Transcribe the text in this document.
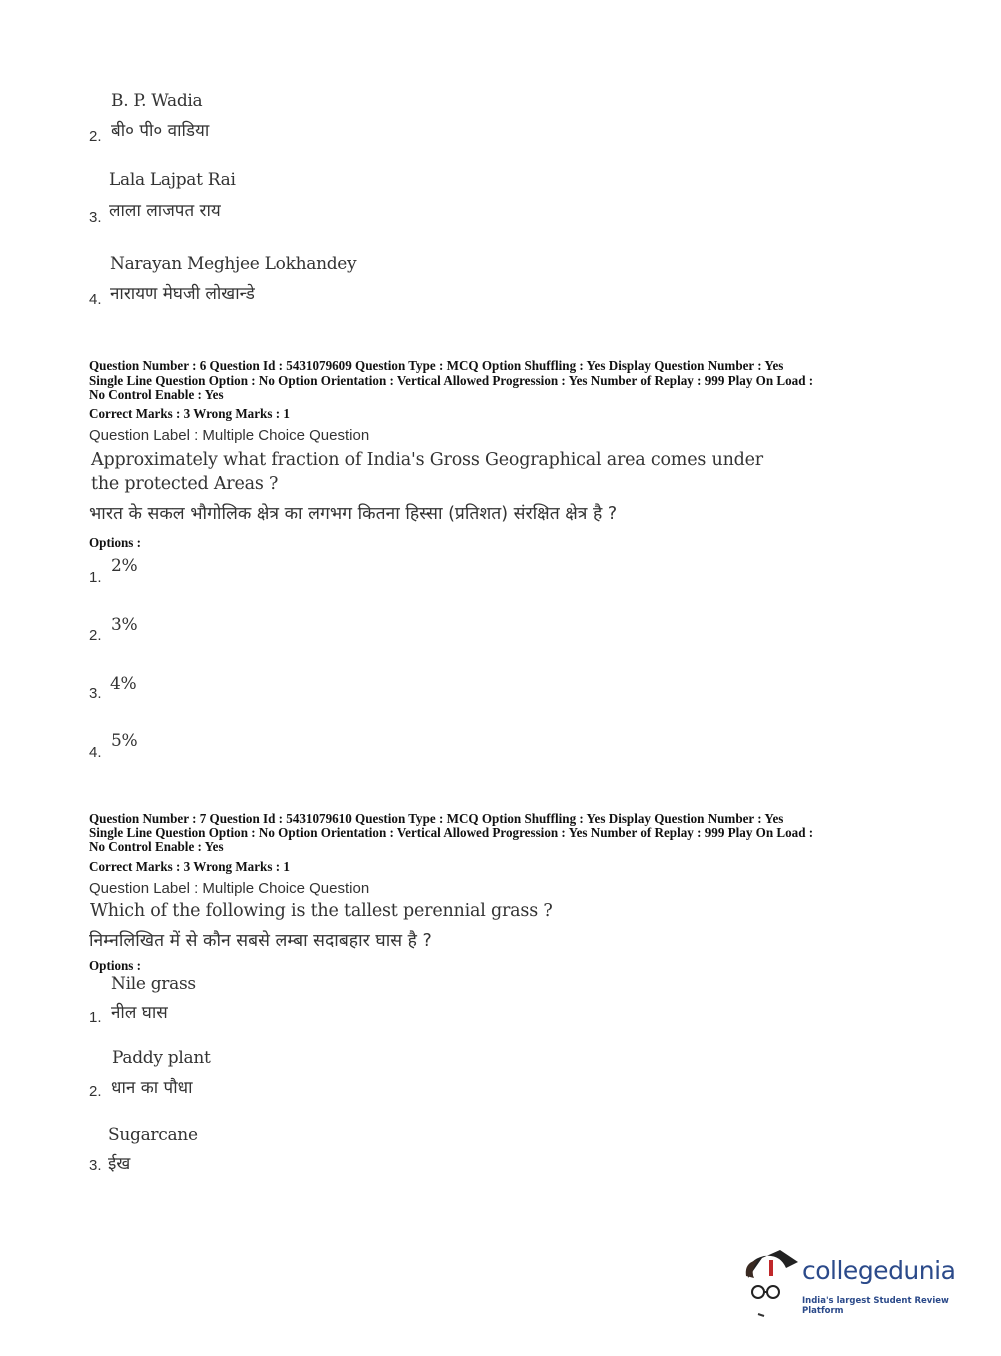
B. P. Wadia
बी० पी० वाडिया
2.
Lala Lajpat Rai
लाला लाजपत राय
3.
Narayan Meghjee Lokhandey
नारायण मेघजी लोखान्डे
4.
Question Number : 6 Question Id : 5431079609 Question Type : MCQ Option Shuffling : Yes Display Question Number : Yes
Single Line Question Option : No Option Orientation : Vertical Allowed Progression : Yes Number of Replay : 999 Play On Load :
No Control Enable : Yes
Correct Marks : 3 Wrong Marks : 1
Question Label : Multiple Choice Question
Approximately what fraction of India's Gross Geographical area comes under
the protected Areas ?
भारत के सकल भौगोलिक क्षेत्र का लगभग कितना हिस्सा (प्रतिशत) संरक्षित क्षेत्र है ?
Options :
2%
1.
3%
2.
4%
3.
5%
4.
Question Number : 7 Question Id : 5431079610 Question Type : MCQ Option Shuffling : Yes Display Question Number : Yes
Single Line Question Option : No Option Orientation : Vertical Allowed Progression : Yes Number of Replay : 999 Play On Load :
No Control Enable : Yes
Correct Marks : 3 Wrong Marks : 1
Question Label : Multiple Choice Question
Which of the following is the tallest perennial grass ?
निम्नलिखित में से कौन सबसे लम्बा सदाबहार घास है ?
Options :
Nile grass
नील घास
1.
Paddy plant
धान का पौधा
2.
Sugarcane
ईख
3.
collegedunia
India's largest Student Review Platform
